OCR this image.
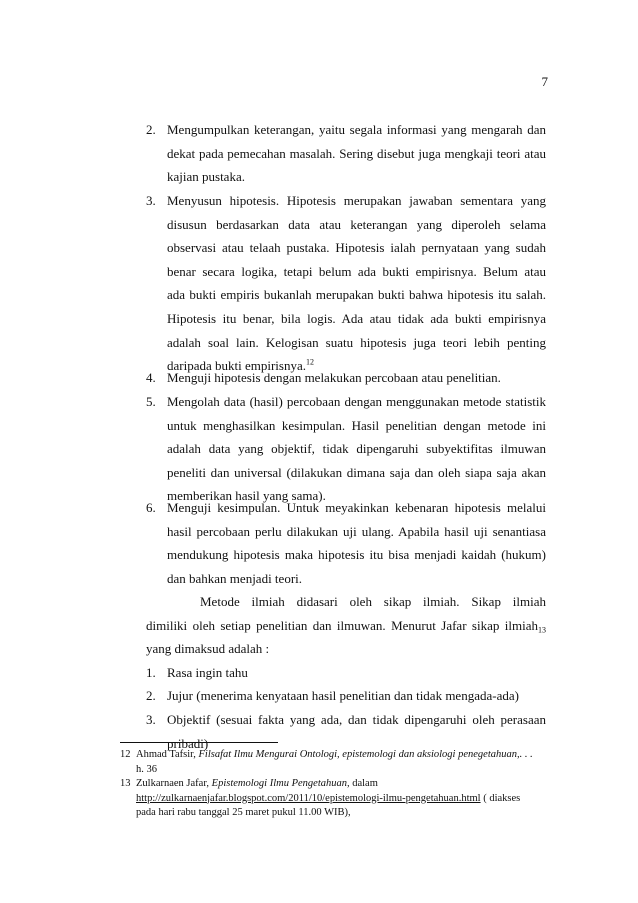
7
2. Mengumpulkan keterangan, yaitu segala informasi yang mengarah dan
dekat pada pemecahan masalah. Sering disebut juga mengkaji teori atau
kajian pustaka.
3. Menyusun hipotesis. Hipotesis merupakan jawaban sementara yang
disusun berdasarkan data atau keterangan yang diperoleh selama
observasi atau telaah pustaka. Hipotesis ialah pernyataan yang sudah
benar secara logika, tetapi belum ada bukti empirisnya. Belum atau
ada bukti empiris bukanlah merupakan bukti bahwa hipotesis itu salah.
Hipotesis itu benar, bila logis. Ada atau tidak ada bukti empirisnya
adalah soal lain. Kelogisan suatu hipotesis juga teori lebih penting
daripada bukti empirisnya.$^{12}$
4. Menguji hipotesis dengan melakukan percobaan atau penelitian.
5. Mengolah data (hasil) percobaan dengan menggunakan metode statistik
untuk menghasilkan kesimpulan. Hasil penelitian dengan metode ini
adalah data yang objektif, tidak dipengaruhi subyektifitas ilmuwan
peneliti dan universal (dilakukan dimana saja dan oleh siapa saja akan
memberikan hasil yang sama).
6. Menguji kesimpulan. Untuk meyakinkan kebenaran hipotesis melalui
hasil percobaan perlu dilakukan uji ulang. Apabila hasil uji senantiasa
mendukung hipotesis maka hipotesis itu bisa menjadi kaidah (hukum)
dan bahkan menjadi teori.
Metode ilmiah didasari oleh sikap ilmiah. Sikap ilmiah
dimiliki oleh setiap penelitian dan ilmuwan. Menurut Jafar sikap ilmiah$^{13}$
yang dimaksud adalah :
1. Rasa ingin tahu
2. Jujur (menerima kenyataan hasil penelitian dan tidak mengada-ada)
3. Objektif (sesuai fakta yang ada, dan tidak dipengaruhi oleh perasaan
pribadi)
12 Ahmad Tafsir, Filsafat Ilmu Mengurai Ontologi, epistemologi dan aksiologi penegetahuan,. . .
h. 36
13 Zulkarnaen Jafar, Epistemologi Ilmu Pengetahuan, dalam
http://zulkarnaenjafar.blogspot.com/2011/10/epistemologi-ilmu-pengetahuan.html ( diakses
pada hari rabu tanggal 25 maret pukul 11.00 WIB),
